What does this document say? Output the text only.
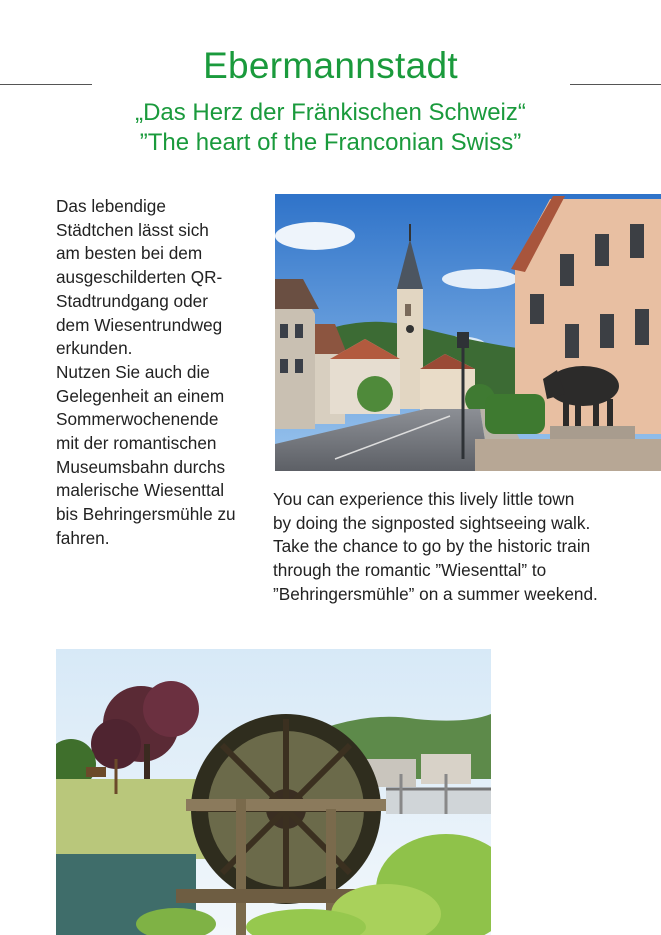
Ebermannstadt
„Das Herz der Fränkischen Schweiz“
”The heart of the Franconian Swiss”
Das lebendige
Städtchen lässt sich
am besten bei dem
ausgeschilderten QR-
Stadtrundgang oder
dem Wiesentrundweg
erkunden.
Nutzen Sie auch die
Gelegenheit an einem
Sommerwochenende
mit der romantischen
Museumsbahn durchs
malerische Wiesenttal
bis Behringersmühle zu
fahren.
You can experience this lively little town
by doing the signposted sightseeing walk.
Take the chance to go by the historic train
through the romantic ”Wiesenttal” to
”Behringersmühle” on a summer weekend.
